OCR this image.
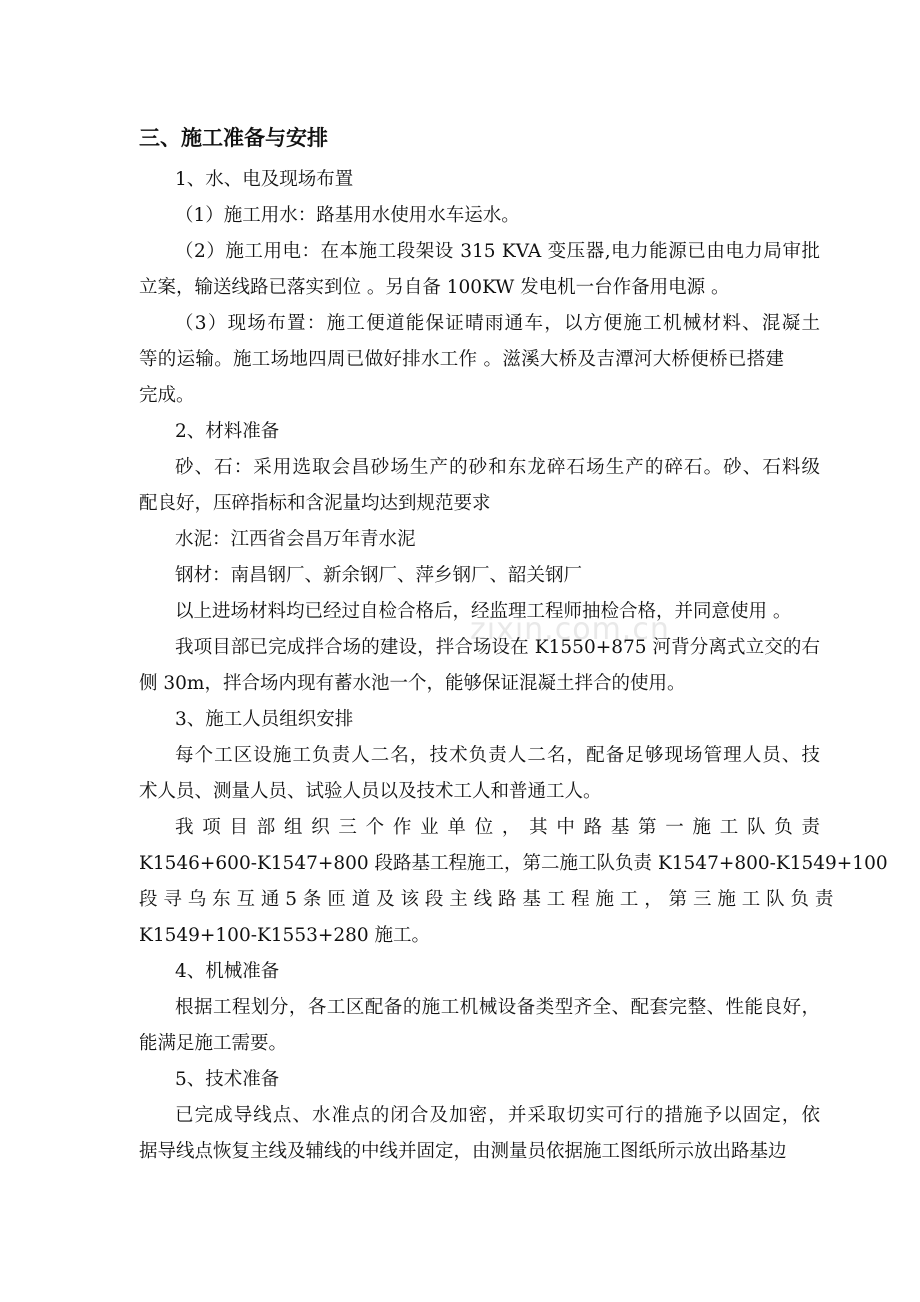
zixin.com.cn
三、施工准备与安排
1、水、电及现场布置
（1）施工用水：路基用水使用水车运水。
（2）施工用电：在本施工段架设 315 KVA 变压器,电力能源已由电力局审批
立案，输送线路已落实到位 。另自备 100KW 发电机一台作备用电源 。
（3）现场布置：施工便道能保证晴雨通车，以方便施工机械材料、混凝土
等的运输。施工场地四周已做好排水工作 。滋溪大桥及吉潭河大桥便桥已搭建
完成。
2、材料准备
砂、石：采用选取会昌砂场生产的砂和东龙碎石场生产的碎石。砂、石料级
配良好，压碎指标和含泥量均达到规范要求
水泥：江西省会昌万年青水泥
钢材：南昌钢厂、新余钢厂、萍乡钢厂、韶关钢厂
以上进场材料均已经过自检合格后，经监理工程师抽检合格，并同意使用 。
我项目部已完成拌合场的建设，拌合场设在 K1550+875 河背分离式立交的右
侧 30m，拌合场内现有蓄水池一个，能够保证混凝土拌合的使用。
3、施工人员组织安排
每个工区设施工负责人二名，技术负责人二名，配备足够现场管理人员、技
术人员、测量人员、试验人员以及技术工人和普通工人。
我 项 目 部 组 织 三 个 作 业 单 位 ， 其 中 路 基 第 一 施 工 队 负 责
K1546+600-K1547+800 段路基工程施工，第二施工队负责 K1547+800-K1549+100
段 寻 乌 东 互 通 5 条 匝 道 及 该 段 主 线 路 基 工 程 施 工 ， 第 三 施 工 队 负 责
K1549+100-K1553+280 施工。
4、机械准备
根据工程划分，各工区配备的施工机械设备类型齐全、配套完整、性能良好，
能满足施工需要。
5、技术准备
已完成导线点、水准点的闭合及加密，并采取切实可行的措施予以固定，依
据导线点恢复主线及辅线的中线并固定，由测量员依据施工图纸所示放出路基边
